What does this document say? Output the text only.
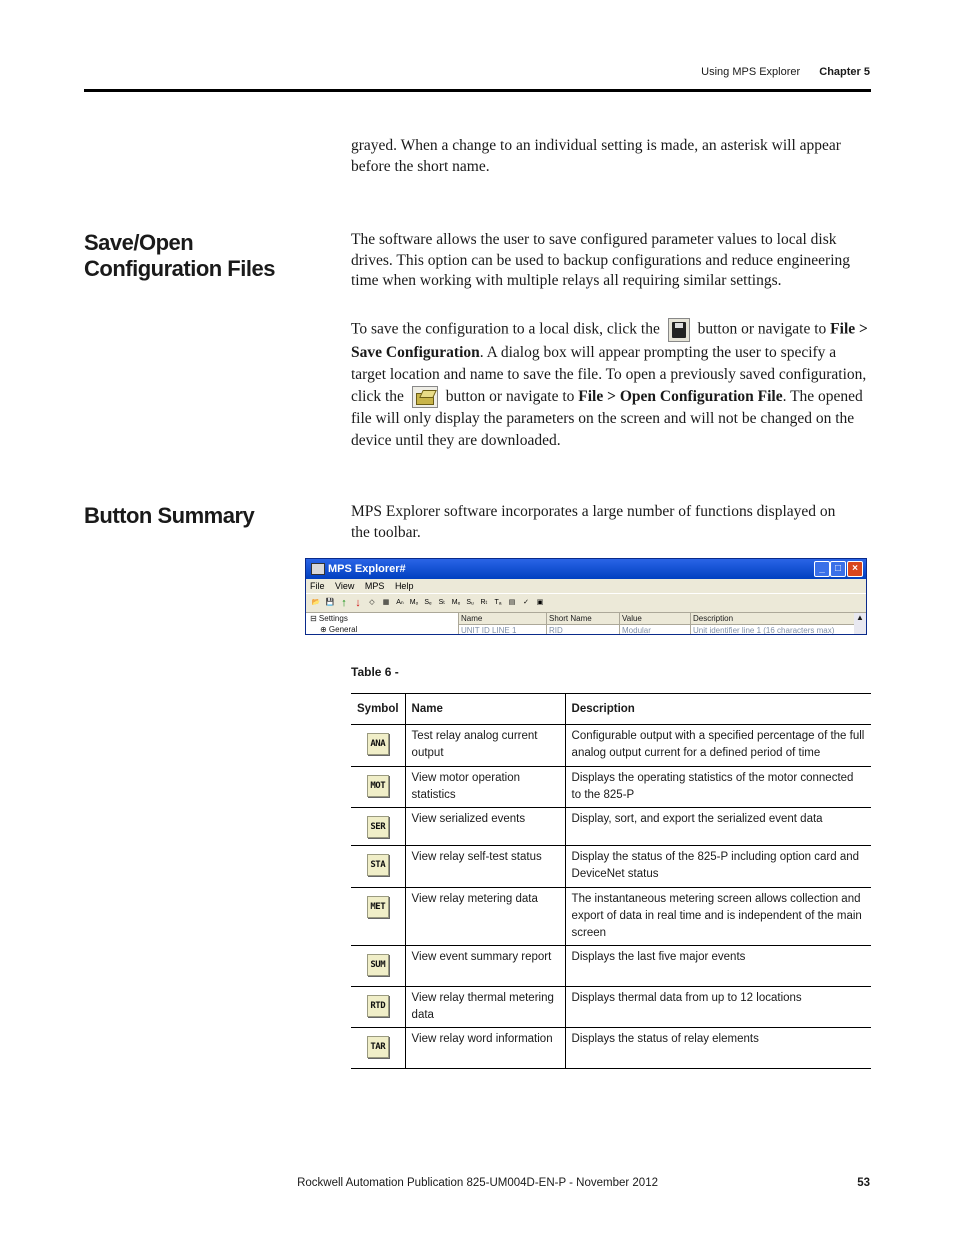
Using MPS Explorer Chapter 5

grayed. When a change to an individual setting is made, an asterisk will appear before the short name.

Save/Open Configuration Files

The software allows the user to save configured parameter values to local disk drives. This option can be used to backup configurations and reduce engineering time when working with multiple relays all requiring similar settings.

To save the configuration to a local disk, click the button or navigate to File > Save Configuration. A dialog box will appear prompting the user to specify a target location and name to save the file. To open a previously saved configuration, click the	button or navigate to File > Open Configuration File. The opened file will only display the parameters on the screen and will not be changed on the device until they are downloaded.

Button Summary	MPS Explorer software incorporates a large number of functions displayed on the toolbar.

MPS Explorer#	_	□	×
File View MPS Help
📂 💾 ↑ ↓	◇	▦ Aₙ Mₒ Sₑ Sₜ Mₑ Sᵤ Rₜ Tₐ	▤	✓	▣
⊟ Settings
⊕ General
Name	Short Name	Value	Description
UNIT ID LINE 1	RID	Modular	Unit identifier line 1 (16 characters max)
▲
Table 6 -
Symbol	Name	Description
ANA	Test relay analog current output	Configurable output with a specified percentage of the full analog output current for a defined period of time
MOT	View motor operation statistics	Displays the operating statistics of the motor connected to the 825-P
SER	View serialized events	Display, sort, and export the serialized event data
STA	View relay self-test status	Display the status of the 825-P including option card and DeviceNet status
MET	View relay metering data	The instantaneous metering screen allows collection and export of data in real time and is independent of the main screen
SUM	View event summary report	Displays the last five major events
RTD	View relay thermal metering data	Displays thermal data from up to 12 locations
TAR	View relay word information	Displays the status of relay elements
Rockwell Automation Publication 825-UM004D-EN-P - November 2012	53
